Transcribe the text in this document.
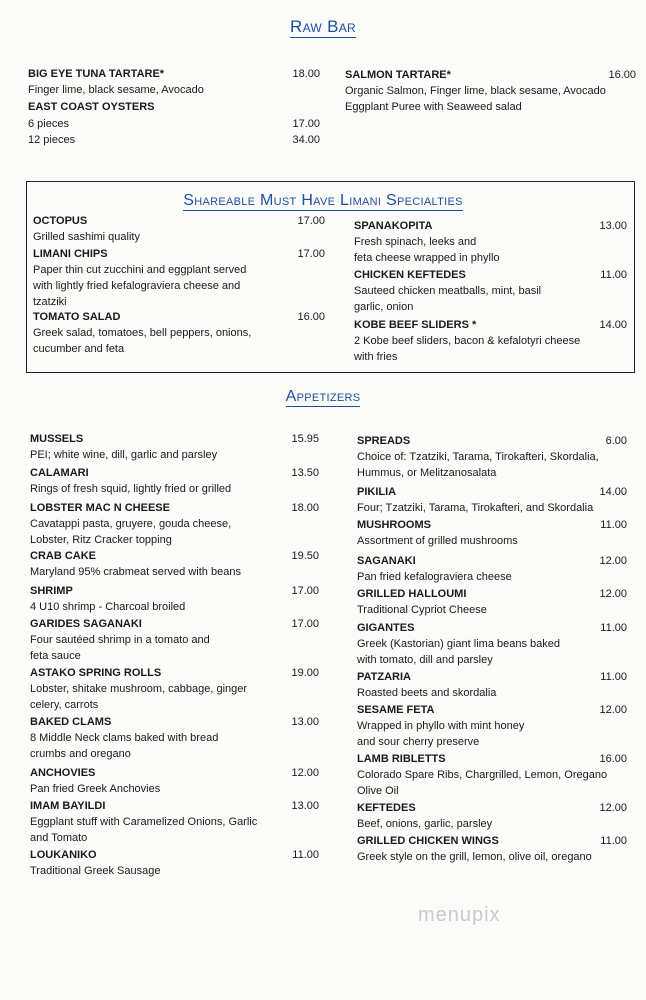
Raw Bar
Shareable Must Have Limani Specialties
Appetizers
BIG EYE TUNA TARTARE*
Finger lime, black sesame, Avocado
18.00
EAST COAST OYSTERS
6 pieces	17.00
12 pieces	34.00
SALMON TARTARE*
Organic Salmon, Finger lime, black sesame, Avocado
Eggplant Puree with Seaweed salad
16.00
OCTOPUS
Grilled sashimi quality
17.00
LIMANI CHIPS
Paper thin cut zucchini and eggplant served
with lightly fried kefalograviera cheese and
tzatziki
17.00
TOMATO SALAD
Greek salad, tomatoes, bell peppers, onions,
cucumber and feta
16.00
SPANAKOPITA
Fresh spinach, leeks and
feta cheese wrapped in phyllo
13.00
CHICKEN KEFTEDES
Sauteed chicken meatballs, mint, basil
garlic, onion
11.00
KOBE BEEF SLIDERS *
2 Kobe beef sliders, bacon & kefalotyri cheese
with fries
14.00
MUSSELS
PEI; white wine, dill, garlic and parsley
15.95
CALAMARI
Rings of fresh squid, lightly fried or grilled
13.50
LOBSTER MAC N CHEESE
Cavatappi pasta, gruyere, gouda cheese,
Lobster, Ritz Cracker topping
18.00
CRAB CAKE
Maryland 95% crabmeat served with beans
19.50
SHRIMP
4 U10 shrimp - Charcoal broiled
17.00
GARIDES SAGANAKI
Four sautéed shrimp in a tomato and
feta sauce
17.00
ASTAKO SPRING ROLLS
Lobster, shitake mushroom, cabbage, ginger
celery, carrots
19.00
BAKED CLAMS
8 Middle Neck clams baked with bread
crumbs and oregano
13.00
ANCHOVIES
Pan fried Greek Anchovies
12.00
IMAM BAYILDI
Eggplant stuff with Caramelized Onions, Garlic
and Tomato
13.00
LOUKANIKO
Traditional Greek Sausage
11.00
SPREADS
Choice of: Tzatziki, Tarama, Tirokafteri, Skordalia,
Hummus, or Melitzanosalata
6.00
PIKILIA
Four; Tzatziki, Tarama, Tirokafteri, and Skordalia
14.00
MUSHROOMS
Assortment of grilled mushrooms
11.00
SAGANAKI
Pan fried kefalograviera cheese
12.00
GRILLED HALLOUMI
Traditional Cypriot Cheese
12.00
GIGANTES
Greek (Kastorian) giant lima beans baked
with tomato, dill and parsley
11.00
PATZARIA
Roasted beets and skordalia
11.00
SESAME FETA
Wrapped in phyllo with mint honey
and sour cherry preserve
12.00
LAMB RIBLETTS
Colorado Spare Ribs, Chargrilled, Lemon, Oregano
Olive Oil
16.00
KEFTEDES
Beef, onions, garlic, parsley
12.00
GRILLED CHICKEN WINGS
Greek style on the grill, lemon, olive oil, oregano
11.00
menupix
